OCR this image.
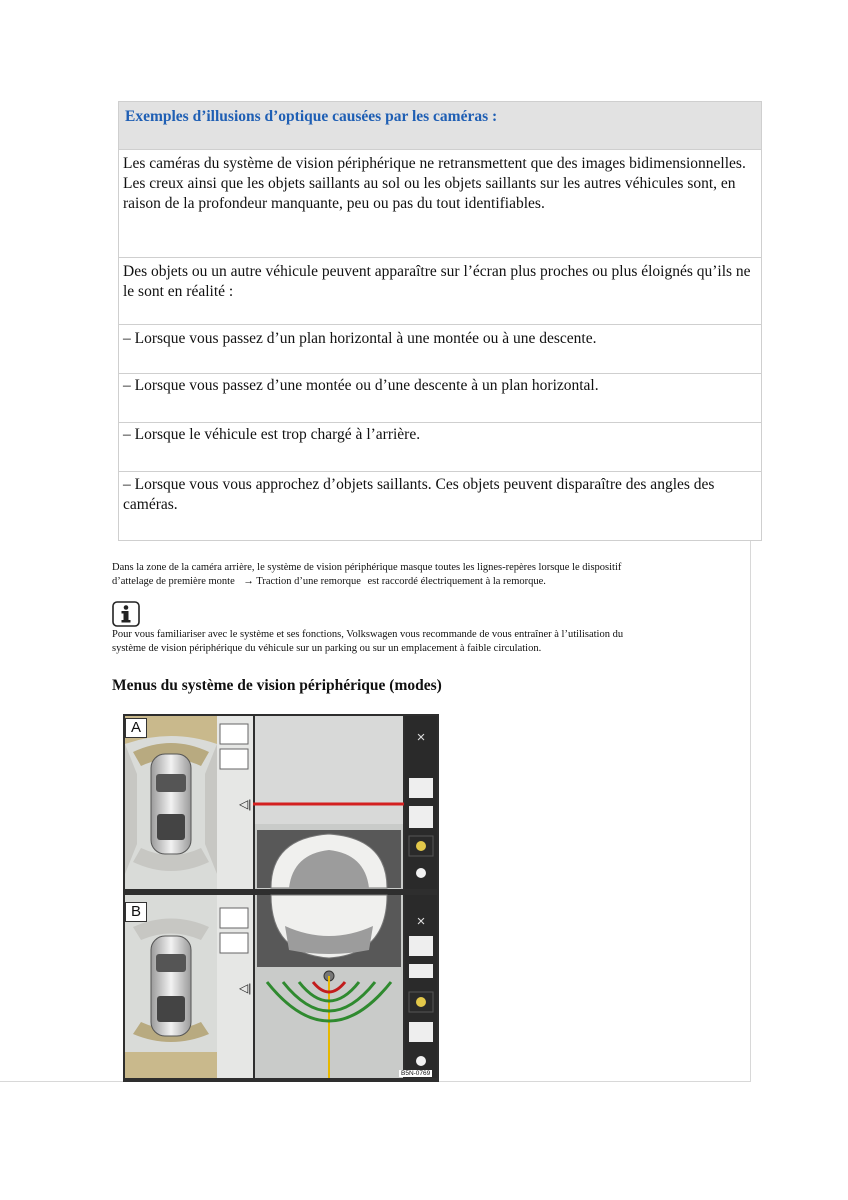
Exemples d’illusions d’optique causées par les caméras :
Les caméras du système de vision périphérique ne retransmettent que des images bidimensionnelles. Les creux ainsi que les objets saillants au sol ou les objets saillants sur les autres véhicules sont, en raison de la profondeur manquante, peu ou pas du tout identifiables.
Des objets ou un autre véhicule peuvent apparaître sur l’écran plus proches ou plus éloignés qu’ils ne le sont en réalité :
– Lorsque vous passez d’un plan horizontal à une montée ou à une descente.
– Lorsque vous passez d’une montée ou d’une descente à un plan horizontal.
– Lorsque le véhicule est trop chargé à l’arrière.
– Lorsque vous vous approchez d’objets saillants. Ces objets peuvent disparaître des angles des caméras.
Dans la zone de la caméra arrière, le système de vision périphérique masque toutes les lignes-repères lorsque le dispositif
d’attelage de première monte → Traction d’une remorque est raccordé électriquement à la remorque.
Pour vous familiariser avec le système et ses fonctions, Volkswagen vous recommande de vous entraîner à l’utilisation du
système de vision périphérique du véhicule sur un parking ou sur un emplacement à faible circulation.
Menus du système de vision périphérique (modes)
◁|
×
◁|
×
A
B
B5N-0769
